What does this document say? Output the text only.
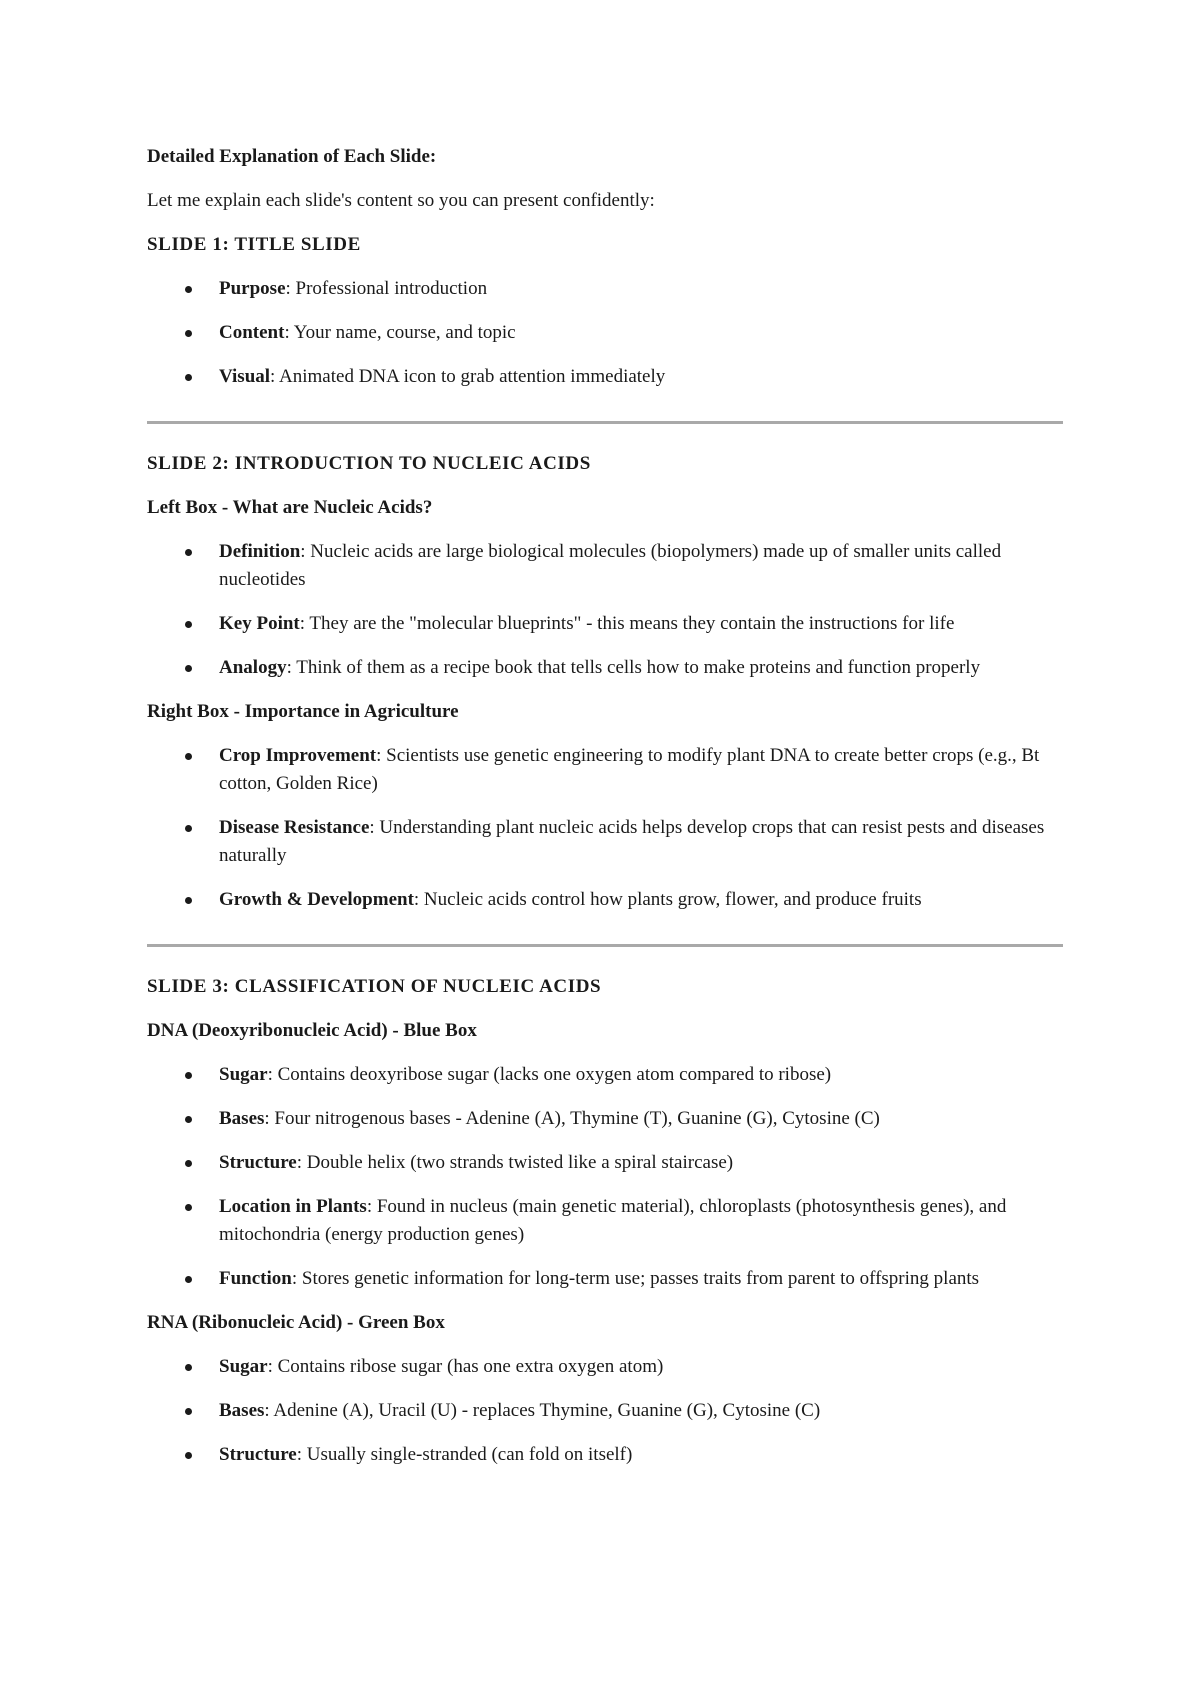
Detailed Explanation of Each Slide:

Let me explain each slide's content so you can present confidently:

SLIDE 1: TITLE SLIDE

Purpose: Professional introduction
Content: Your name, course, and topic
Visual: Animated DNA icon to grab attention immediately

SLIDE 2: INTRODUCTION TO NUCLEIC ACIDS

Left Box - What are Nucleic Acids?

Definition: Nucleic acids are large biological molecules (biopolymers) made up of smaller units called nucleotides
Key Point: They are the "molecular blueprints" - this means they contain the instructions for life
Analogy: Think of them as a recipe book that tells cells how to make proteins and function properly

Right Box - Importance in Agriculture

Crop Improvement: Scientists use genetic engineering to modify plant DNA to create better crops (e.g., Bt cotton, Golden Rice)
Disease Resistance: Understanding plant nucleic acids helps develop crops that can resist pests and diseases naturally
Growth & Development: Nucleic acids control how plants grow, flower, and produce fruits

SLIDE 3: CLASSIFICATION OF NUCLEIC ACIDS

DNA (Deoxyribonucleic Acid) - Blue Box

Sugar: Contains deoxyribose sugar (lacks one oxygen atom compared to ribose)
Bases: Four nitrogenous bases - Adenine (A), Thymine (T), Guanine (G), Cytosine (C)
Structure: Double helix (two strands twisted like a spiral staircase)
Location in Plants: Found in nucleus (main genetic material), chloroplasts (photosynthesis genes), and mitochondria (energy production genes)
Function: Stores genetic information for long-term use; passes traits from parent to offspring plants

RNA (Ribonucleic Acid) - Green Box

Sugar: Contains ribose sugar (has one extra oxygen atom)
Bases: Adenine (A), Uracil (U) - replaces Thymine, Guanine (G), Cytosine (C)
Structure: Usually single-stranded (can fold on itself)
